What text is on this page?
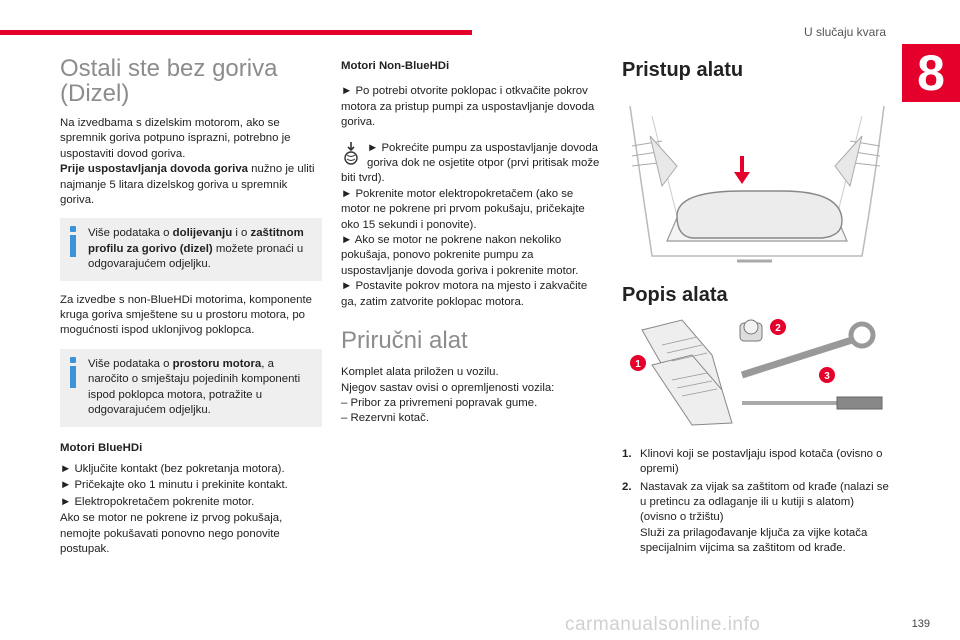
U slučaju kvara
8
Ostali ste bez goriva (Dizel)

Na izvedbama s dizelskim motorom, ako se spremnik goriva potpuno isprazni, potrebno je uspostaviti dovod goriva.

Prije uspostavljanja dovoda goriva nužno je uliti najmanje 5 litara dizelskog goriva u spremnik goriva.

Više podataka o dolijevanju i o zaštitnom profilu za gorivo (dizel) možete pronaći u odgovarajućem odjeljku.

Za izvedbe s non-BlueHDi motorima, komponente kruga goriva smještene su u prostoru motora, po mogućnosti ispod uklonjivog poklopca.

Više podataka o prostoru motora, a naročito o smještaju pojedinih komponenti ispod poklopca motora, potražite u odgovarajućem odjeljku.
Motori BlueHDi

► Uključite kontakt (bez pokretanja motora).

► Pričekajte oko 1 minutu i prekinite kontakt.

► Elektropokretačem pokrenite motor.

Ako se motor ne pokrene iz prvog pokušaja, nemojte pokušavati ponovno nego ponovite postupak.

Motori Non-BlueHDi

► Po potrebi otvorite poklopac i otkvačite pokrov motora za pristup pumpi za uspostavljanje dovoda goriva.

► Pokrećite pumpu za uspostavljanje dovoda goriva dok ne osjetite otpor (prvi pritisak može biti tvrd).

► Pokrenite motor elektropokretačem (ako se motor ne pokrene pri prvom pokušaju, pričekajte oko 15 sekundi i ponovite).

► Ako se motor ne pokrene nakon nekoliko pokušaja, ponovo pokrenite pumpu za uspostavljanje dovoda goriva i pokrenite motor.

► Postavite pokrov motora na mjesto i zakvačite ga, zatim zatvorite poklopac motora.

Priručni alat

Komplet alata priložen u vozilu.

Njegov sastav ovisi o opremljenosti vozila:

– Pribor za privremeni popravak gume.

– Rezervni kotač.

Pristup alatu
Popis alata
1
2
3
1. Klinovi koji se postavljaju ispod kotača (ovisno o opremi)
2. Nastavak za vijak sa zaštitom od krađe (nalazi se u pretincu za odlaganje ili u kutiji s alatom) (ovisno o tržištu)
Služi za prilagođavanje ključa za vijke kotača specijalnim vijcima sa zaštitom od krađe.
139
carmanualsonline.info
